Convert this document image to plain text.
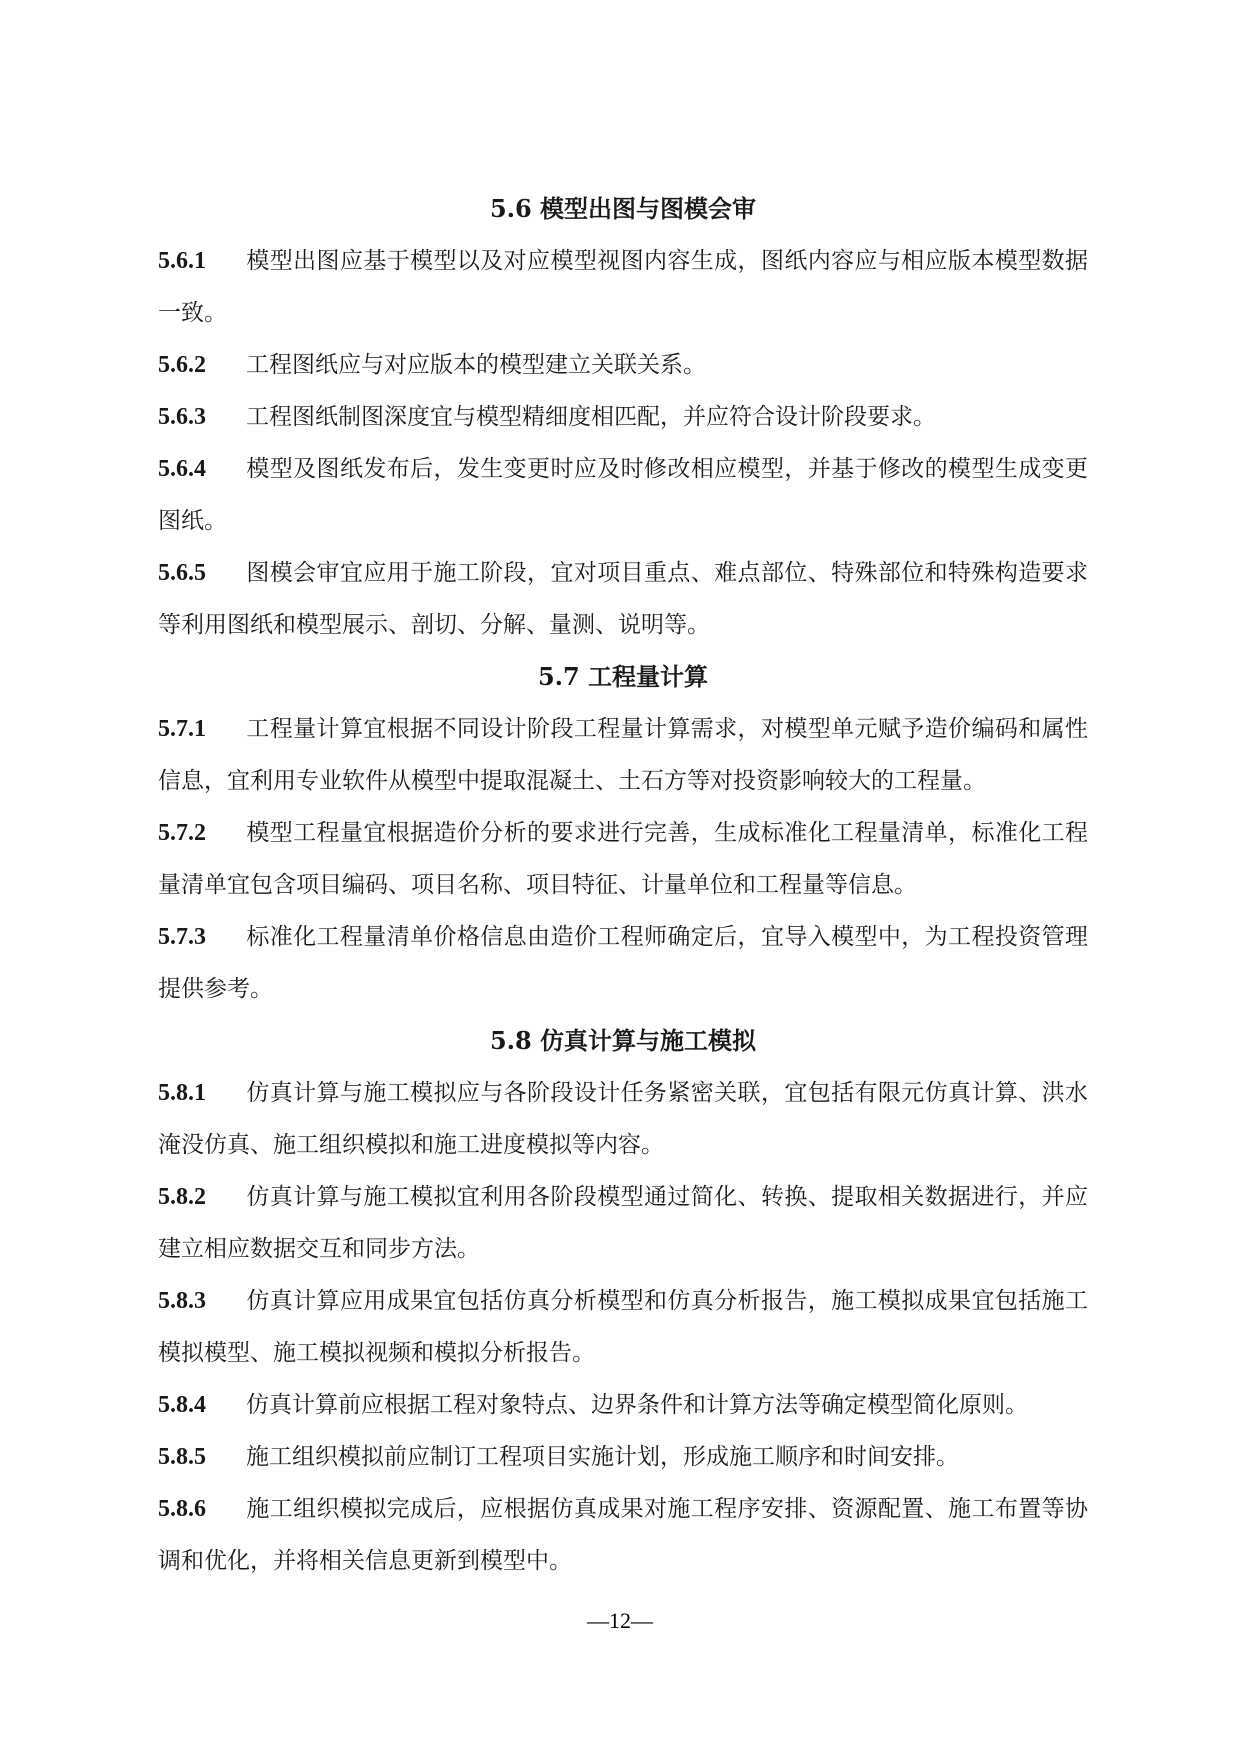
5.6 模型出图与图模会审

5.6.1 模型出图应基于模型以及对应模型视图内容生成，图纸内容应与相应版本模型数据一致。

5.6.2 工程图纸应与对应版本的模型建立关联关系。

5.6.3 工程图纸制图深度宜与模型精细度相匹配，并应符合设计阶段要求。

5.6.4 模型及图纸发布后，发生变更时应及时修改相应模型，并基于修改的模型生成变更图纸。

5.6.5 图模会审宜应用于施工阶段，宜对项目重点、难点部位、特殊部位和特殊构造要求等利用图纸和模型展示、剖切、分解、量测、说明等。

5.7 工程量计算

5.7.1 工程量计算宜根据不同设计阶段工程量计算需求，对模型单元赋予造价编码和属性信息，宜利用专业软件从模型中提取混凝土、土石方等对投资影响较大的工程量。

5.7.2 模型工程量宜根据造价分析的要求进行完善，生成标准化工程量清单，标准化工程量清单宜包含项目编码、项目名称、项目特征、计量单位和工程量等信息。

5.7.3 标准化工程量清单价格信息由造价工程师确定后，宜导入模型中，为工程投资管理提供参考。

5.8 仿真计算与施工模拟

5.8.1 仿真计算与施工模拟应与各阶段设计任务紧密关联，宜包括有限元仿真计算、洪水淹没仿真、施工组织模拟和施工进度模拟等内容。

5.8.2 仿真计算与施工模拟宜利用各阶段模型通过简化、转换、提取相关数据进行，并应建立相应数据交互和同步方法。

5.8.3 仿真计算应用成果宜包括仿真分析模型和仿真分析报告，施工模拟成果宜包括施工模拟模型、施工模拟视频和模拟分析报告。

5.8.4 仿真计算前应根据工程对象特点、边界条件和计算方法等确定模型简化原则。

5.8.5 施工组织模拟前应制订工程项目实施计划，形成施工顺序和时间安排。

5.8.6 施工组织模拟完成后，应根据仿真成果对施工程序安排、资源配置、施工布置等协调和优化，并将相关信息更新到模型中。

—12—
